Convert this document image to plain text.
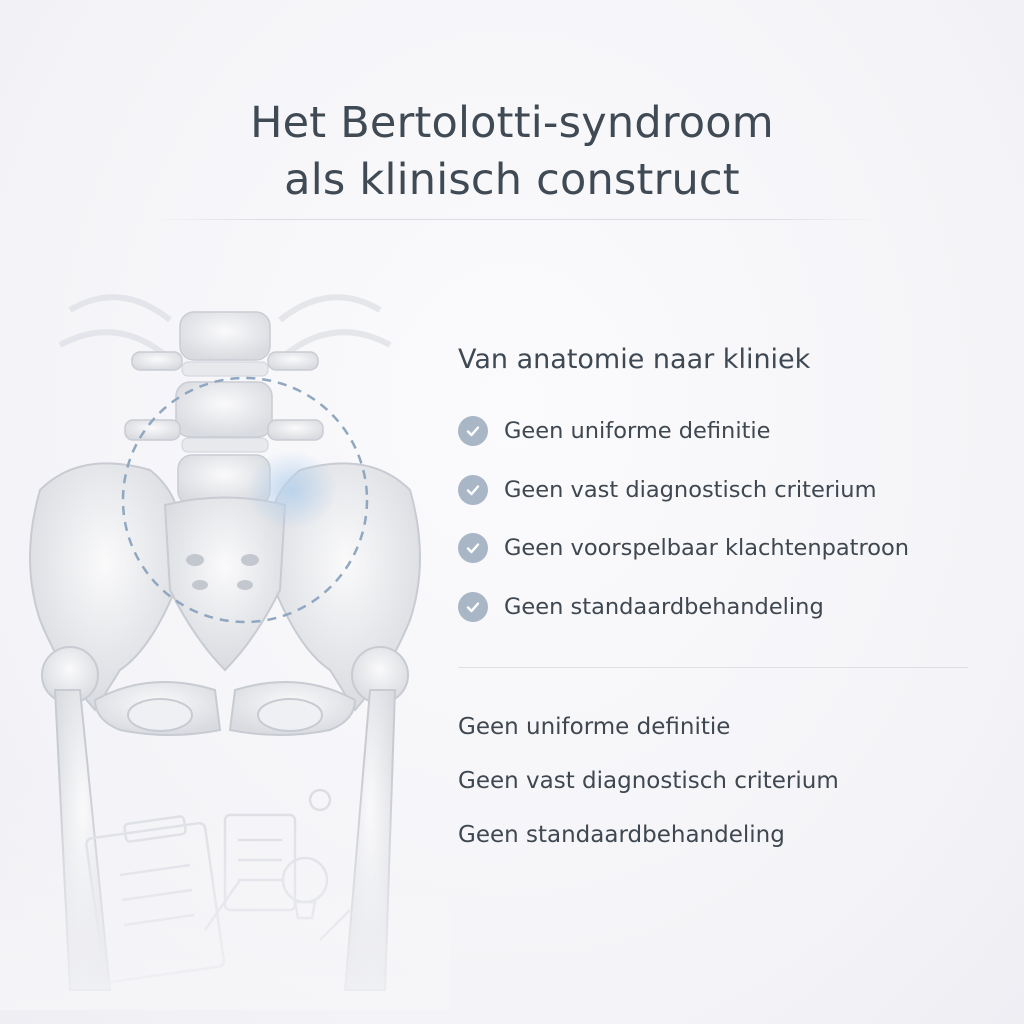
Het Bertolotti-syndroom
als klinisch construct
Van anatomie naar kliniek
Geen uniforme definitie
Geen vast diagnostisch criterium
Geen voorspelbaar klachtenpatroon
Geen standaardbehandeling
Geen uniforme definitie
Geen vast diagnostisch criterium
Geen standaardbehandeling
